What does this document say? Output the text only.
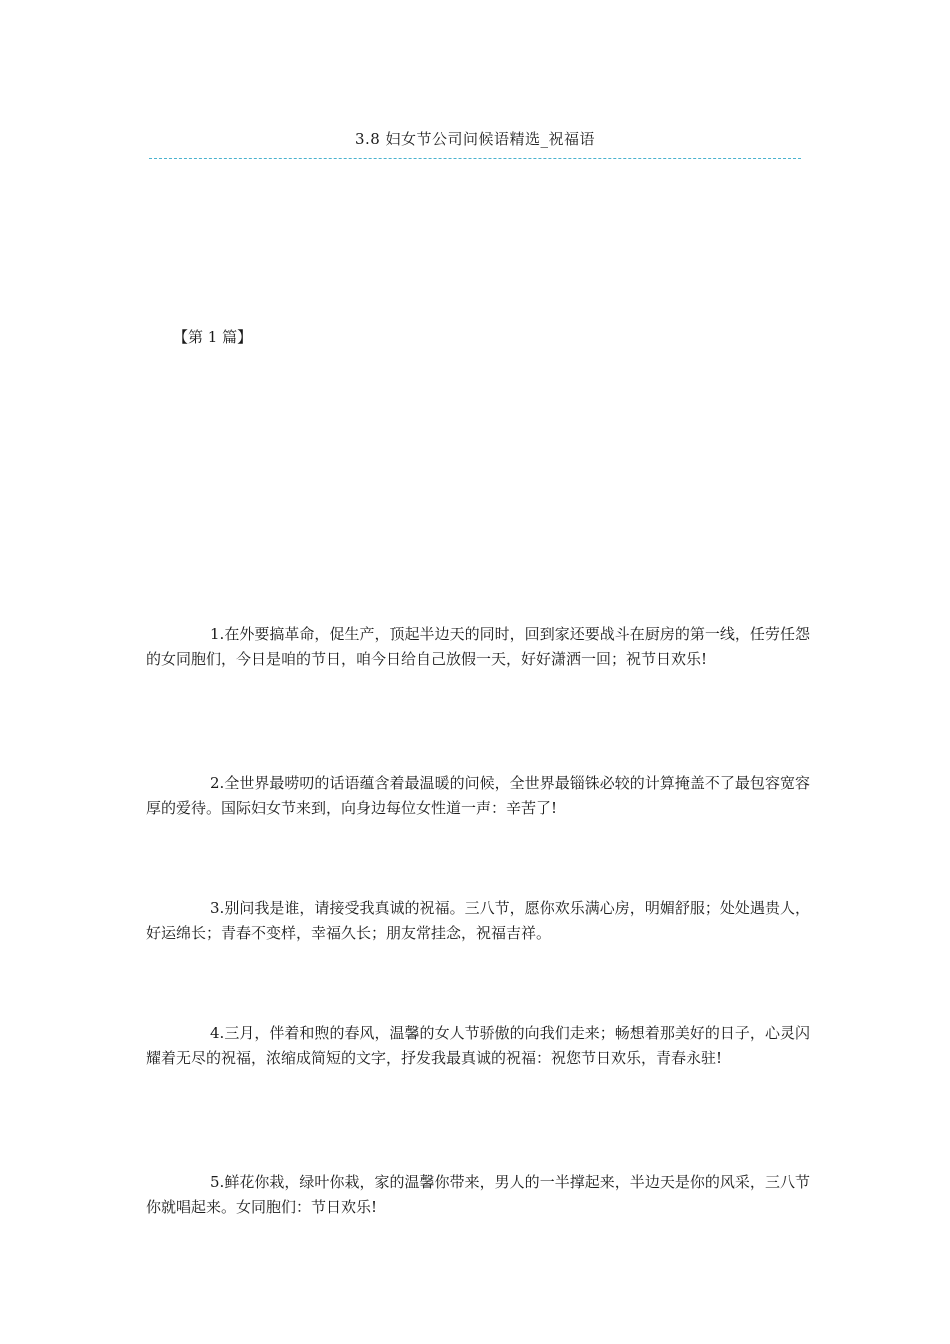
3.8 妇女节公司问候语精选_祝福语
【第 1 篇】

1.在外要搞革命，促生产，顶起半边天的同时，回到家还要战斗在厨房的第一线，任劳任怨的女同胞们，今日是咱的节日，咱今日给自己放假一天，好好潇洒一回；祝节日欢乐!

2.全世界最唠叨的话语蕴含着最温暖的问候，全世界最锱铢必较的计算掩盖不了最包容宽容厚的爱待。国际妇女节来到，向身边每位女性道一声：辛苦了!

3.别问我是谁，请接受我真诚的祝福。三八节，愿你欢乐满心房，明媚舒服；处处遇贵人，好运绵长；青春不变样，幸福久长；朋友常挂念，祝福吉祥。

4.三月，伴着和煦的春风，温馨的女人节骄傲的向我们走来；畅想着那美好的日子，心灵闪耀着无尽的祝福，浓缩成简短的文字，抒发我最真诚的祝福：祝您节日欢乐，青春永驻!

5.鲜花你栽，绿叶你栽，家的温馨你带来，男人的一半撑起来，半边天是你的风采，三八节你就唱起来。女同胞们：节日欢乐!
